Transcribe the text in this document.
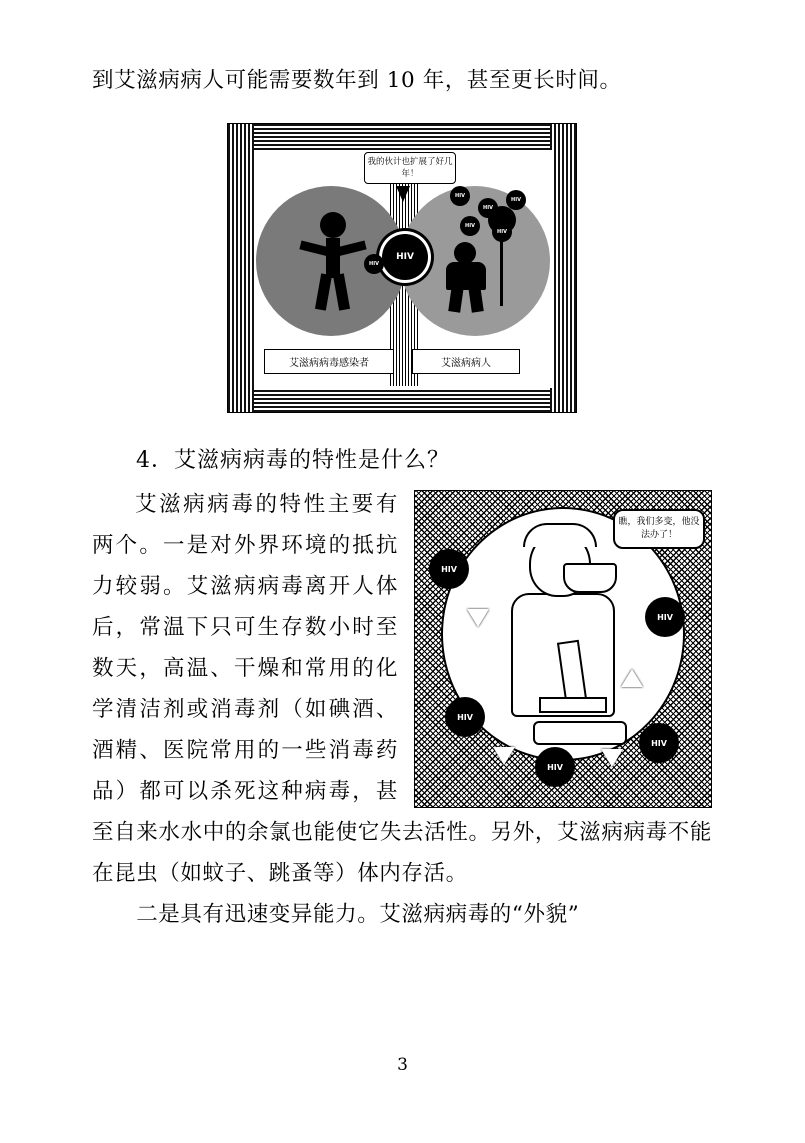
到艾滋病病人可能需要数年到 10 年，甚至更长时间。

HIV
HIV
HIV
HIV
HIV
HIV
HIV
我的伙计也扩展了好几年！
艾滋病病毒感染者	艾滋病病人
4．艾滋病病毒的特性是什么？
瞧，我们多变，他没法办了！
HIV
HIV
HIV
HIV
HIV

艾滋病病毒的特性主要有两个。一是对外界环境的抵抗力较弱。艾滋病病毒离开人体后，常温下只可生存数小时至数天，高温、干燥和常用的化学清洁剂或消毒剂（如碘酒、酒精、医院常用的一些消毒药品）都可以杀死这种病毒，甚至自来水水中的余氯也能使它失去活性。另外，艾滋病病毒不能在昆虫（如蚊子、跳蚤等）体内存活。

　　二是具有迅速变异能力。艾滋病病毒的“外貌”

3
